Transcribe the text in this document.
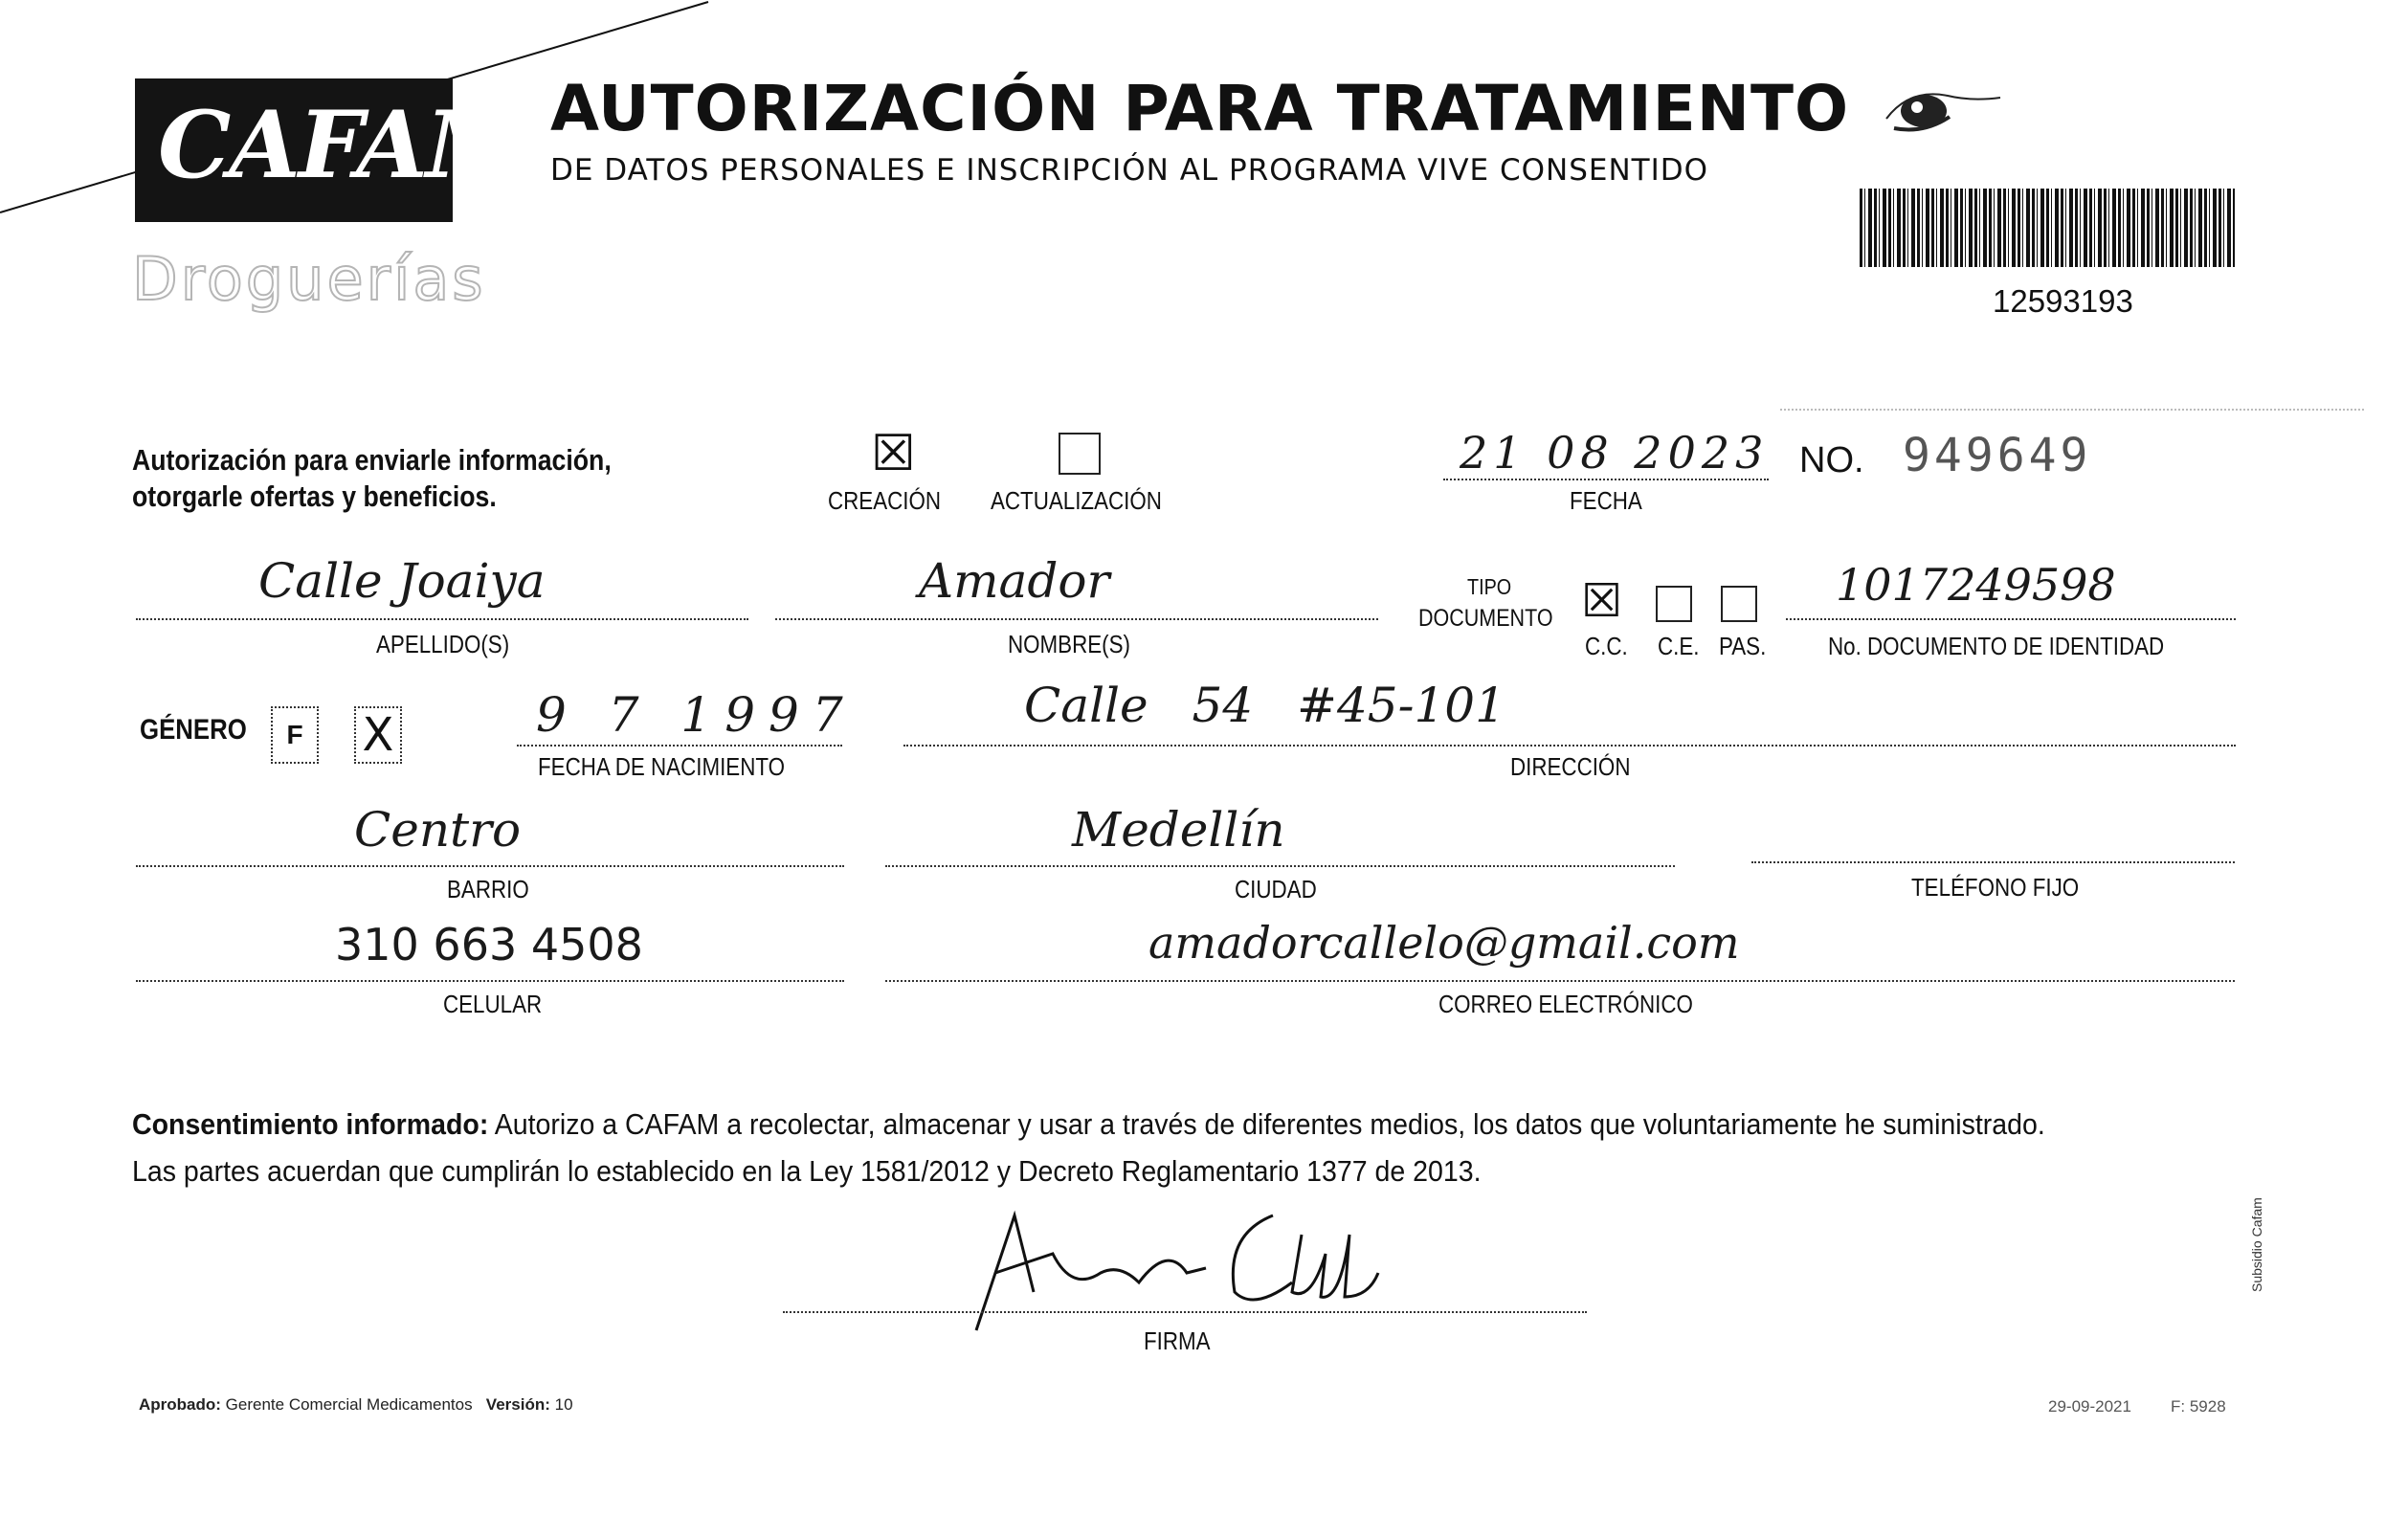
CAFAM
Droguerías
AUTORIZACIÓN PARA TRATAMIENTO
DE DATOS PERSONALES E INSCRIPCIÓN AL PROGRAMA VIVE CONSENTIDO
12593193
Autorización para enviarle información,
otorgarle ofertas y beneficios.
☒
CREACIÓN ACTUALIZACIÓN
21 08 2023
FECHA
NO. 949649
Calle Joaiya
APELLIDO(S)
Amador
NOMBRE(S)
TIPO
DOCUMENTO ☒
C.C. C.E. PAS.
1017249598
No. DOCUMENTO DE IDENTIDAD
GÉNERO	F	X	9 7 1997
FECHA DE NACIMIENTO
Calle 54 #45-101
DIRECCIÓN
Centro
BARRIO
Medellín
CIUDAD	TELÉFONO FIJO
310 663 4508
CELULAR
amadorcallelo@gmail.com
CORREO ELECTRÓNICO
Consentimiento informado: Autorizo a CAFAM a recolectar, almacenar y usar a través de diferentes medios, los datos que voluntariamente he suministrado. Las partes acuerdan que cumplirán lo establecido en la Ley 1581/2012 y Decreto Reglamentario 1377 de 2013.
FIRMA
Aprobado: Gerente Comercial Medicamentos Versión: 10	29-09-2021 F: 5928
Subsidio Cafam
